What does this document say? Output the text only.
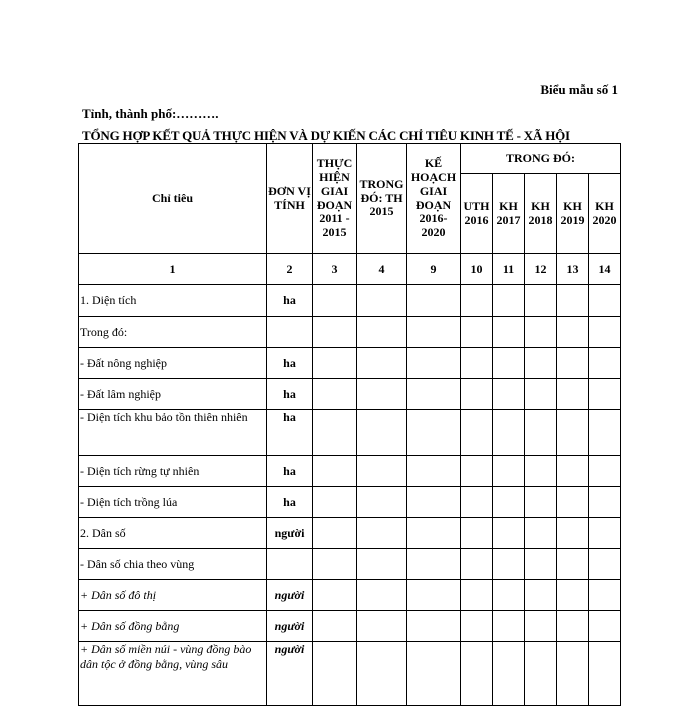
Biểu mẫu số 1
Tỉnh, thành phố:……….
TỔNG HỢP KẾT QUẢ THỰC HIỆN VÀ DỰ KIẾN CÁC CHỈ TIÊU KINH TẾ - XÃ HỘI
Chỉ tiêu	ĐƠN VỊ TÍNH	THỰC HIỆN GIAI ĐOẠN 2011 - 2015	TRONG ĐÓ: TH 2015	KẾ HOẠCH GIAI ĐOẠN 2016-2020	TRONG ĐÓ:				
					UTH 2016	KH 2017	KH 2018	KH 2019	KH 2020
1	2	3	4	9	10	11	12	13	14
1. Diện tích	ha								
Trong đó:									
- Đất nông nghiệp	ha								
- Đất lâm nghiệp	ha								
- Diện tích khu bảo tồn thiên nhiên	ha								
- Diện tích rừng tự nhiên	ha								
- Diện tích trồng lúa	ha								
2. Dân số	người								
- Dân số chia theo vùng									
+ Dân số đô thị	người								
+ Dân số đồng bằng	người								
+ Dân số miền núi - vùng đồng bào dân tộc ở đồng bằng, vùng sâu	người								
